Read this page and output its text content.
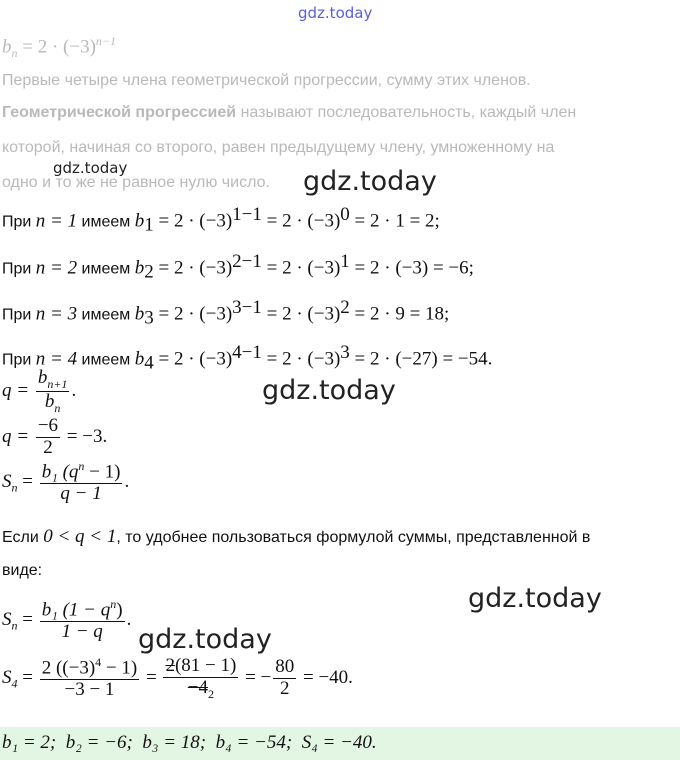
gdz.today
gdz.today	gdz.today
gdz.today
gdz.today
gdz.today
$b_n = 2 \cdot (-3)^{n-1}$
Первые четыре члена геометрической прогрессии, сумму этих членов.
Геометрической прогрессией называют последовательность, каждый член
которой, начиная со второго, равен предыдущему члену, умноженному на
одно и то же не равное нулю число.
При n = 1 имеем $b_1 = 2 \cdot (-3)^{1-1} = 2 \cdot (-3)^0 = 2 \cdot 1 = 2$;
При n = 2 имеем $b_2 = 2 \cdot (-3)^{2-1} = 2 \cdot (-3)^1 = 2 \cdot (-3) = -6$;
При n = 3 имеем $b_3 = 2 \cdot (-3)^{3-1} = 2 \cdot (-3)^2 = 2 \cdot 9 = 18$;
При n = 4 имеем $b_4 = 2 \cdot (-3)^{4-1} = 2 \cdot (-3)^3 = 2 \cdot (-27) = -54$.
$q = \frac{b_{n+1}}{b_n}$ .
$q = \frac{-6}{2} = -3$.
$S_n = \frac{b_1 (q^n - 1)}{q - 1}$ .
Если 0 < q < 1, то удобнее пользоваться формулой суммы, представленной в
виде:
$S_n = \frac{b_1 (1 - q^n)}{1 - q}$ .
$S_4 = \frac{2 ((-3)^4 - 1)}{-3 - 1} = \frac{2(81 - 1)}{-4_2}$ = − $\frac{80}{2} = -40$.
b₁ = 2; b₂ = −6; b₃ = 18; b₄ = −54; S₄ = −40.
